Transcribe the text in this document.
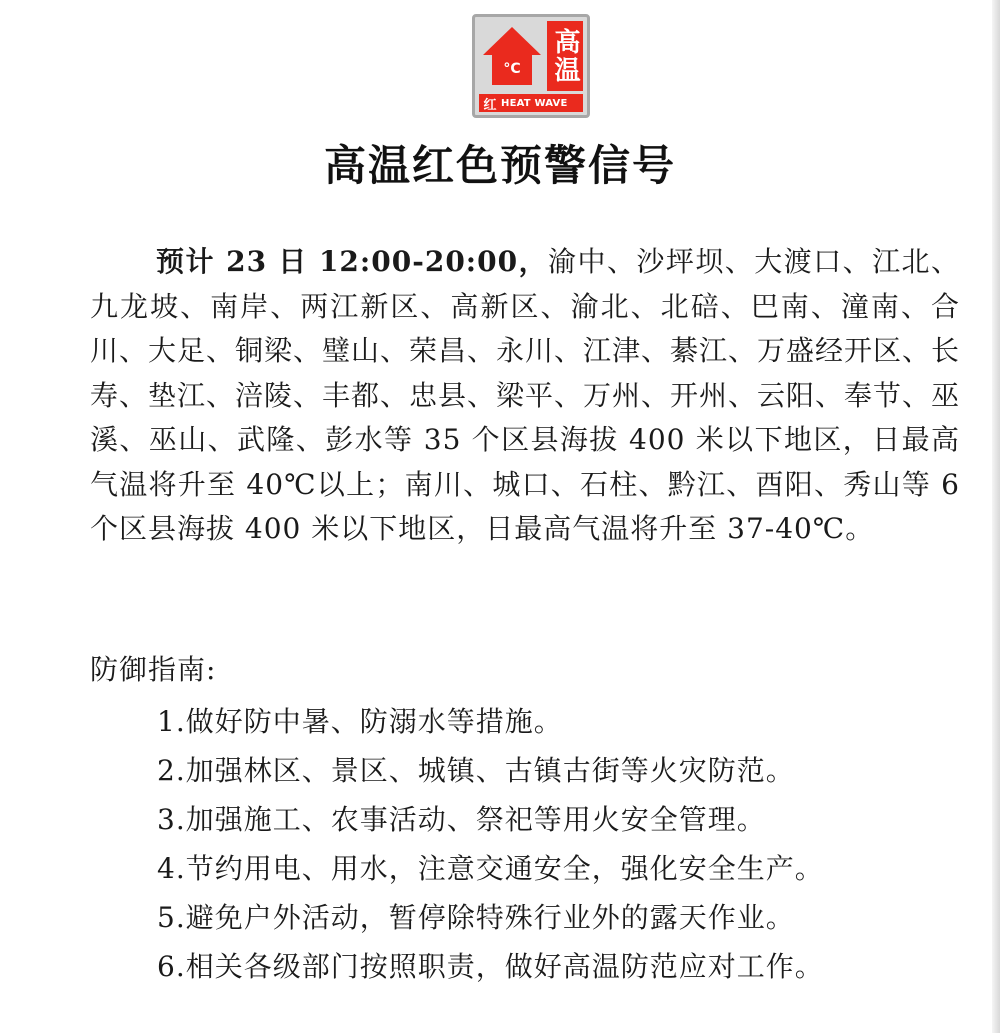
°C 高温
红 HEAT WAVE
高温红色预警信号
预计 23 日 12:00-20:00，渝中、沙坪坝、大渡口、江北、九龙坡、南岸、两江新区、高新区、渝北、北碚、巴南、潼南、合川、大足、铜梁、璧山、荣昌、永川、江津、綦江、万盛经开区、长寿、垫江、涪陵、丰都、忠县、梁平、万州、开州、云阳、奉节、巫溪、巫山、武隆、彭水等 35 个区县海拔 400 米以下地区，日最高气温将升至 40℃以上；南川、城口、石柱、黔江、酉阳、秀山等 6 个区县海拔 400 米以下地区，日最高气温将升至 37-40℃。
防御指南:
1.做好防中暑、防溺水等措施。
2.加强林区、景区、城镇、古镇古街等火灾防范。
3.加强施工、农事活动、祭祀等用火安全管理。
4.节约用电、用水，注意交通安全，强化安全生产。
5.避免户外活动，暂停除特殊行业外的露天作业。
6.相关各级部门按照职责，做好高温防范应对工作。
